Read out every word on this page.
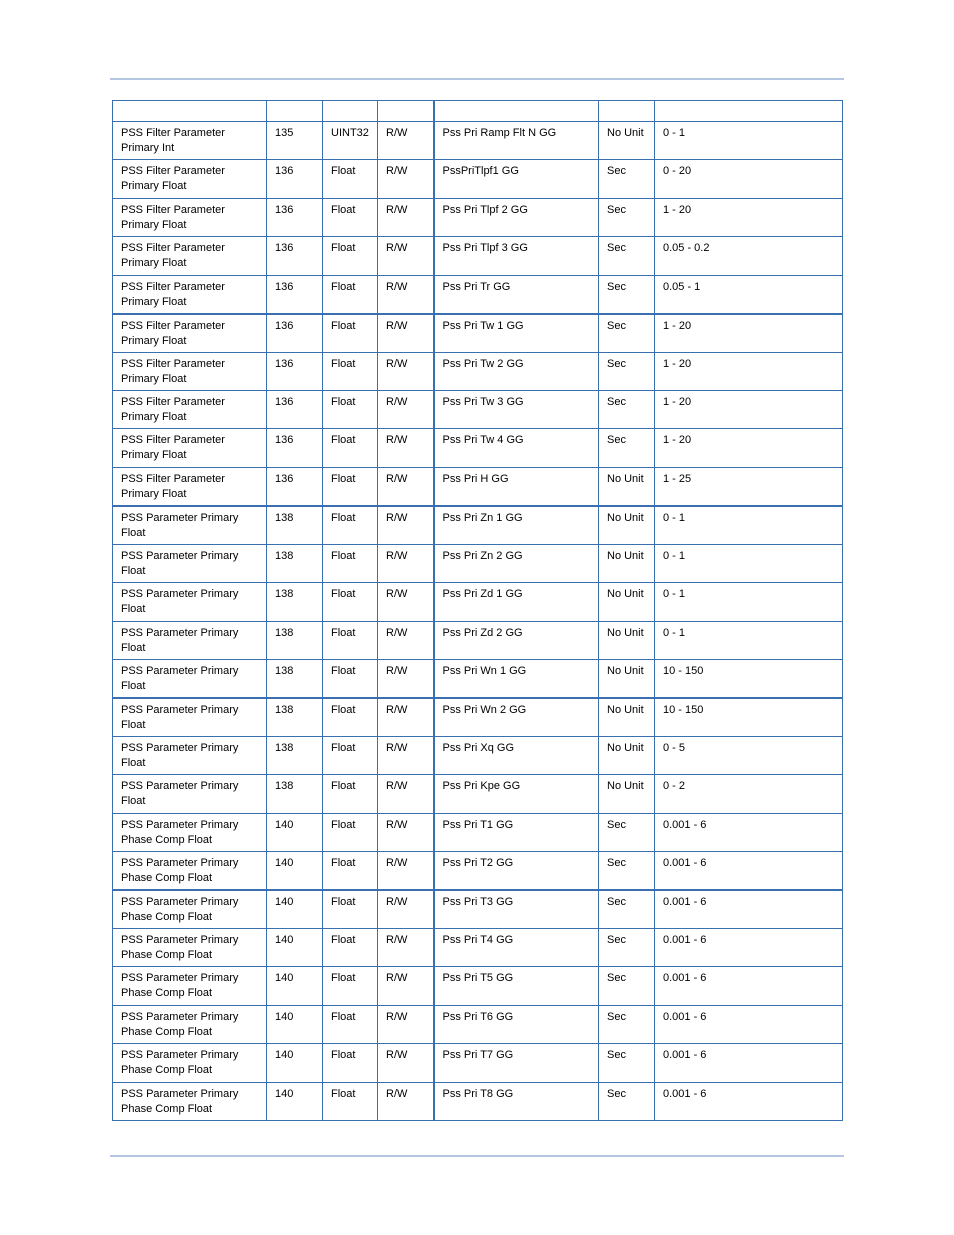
PSS Filter Parameter Primary Int	135	UINT32	R/W	Pss Pri Ramp Flt N GG	No Unit	0 - 1
PSS Filter Parameter Primary Float	136	Float	R/W	PssPriTlpf1 GG	Sec	0 - 20
PSS Filter Parameter Primary Float	136	Float	R/W	Pss Pri Tlpf 2 GG	Sec	1 - 20
PSS Filter Parameter Primary Float	136	Float	R/W	Pss Pri Tlpf 3 GG	Sec	0.05 - 0.2
PSS Filter Parameter Primary Float	136	Float	R/W	Pss Pri Tr GG	Sec	0.05 - 1
PSS Filter Parameter Primary Float	136	Float	R/W	Pss Pri Tw 1 GG	Sec	1 - 20
PSS Filter Parameter Primary Float	136	Float	R/W	Pss Pri Tw 2 GG	Sec	1 - 20
PSS Filter Parameter Primary Float	136	Float	R/W	Pss Pri Tw 3 GG	Sec	1 - 20
PSS Filter Parameter Primary Float	136	Float	R/W	Pss Pri Tw 4 GG	Sec	1 - 20
PSS Filter Parameter Primary Float	136	Float	R/W	Pss Pri H GG	No Unit	1 - 25
PSS Parameter Primary Float	138	Float	R/W	Pss Pri Zn 1 GG	No Unit	0 - 1
PSS Parameter Primary Float	138	Float	R/W	Pss Pri Zn 2 GG	No Unit	0 - 1
PSS Parameter Primary Float	138	Float	R/W	Pss Pri Zd 1 GG	No Unit	0 - 1
PSS Parameter Primary Float	138	Float	R/W	Pss Pri Zd 2 GG	No Unit	0 - 1
PSS Parameter Primary Float	138	Float	R/W	Pss Pri Wn 1 GG	No Unit	10 - 150
PSS Parameter Primary Float	138	Float	R/W	Pss Pri Wn 2 GG	No Unit	10 - 150
PSS Parameter Primary Float	138	Float	R/W	Pss Pri Xq GG	No Unit	0 - 5
PSS Parameter Primary Float	138	Float	R/W	Pss Pri Kpe GG	No Unit	0 - 2
PSS Parameter Primary Phase Comp Float	140	Float	R/W	Pss Pri T1 GG	Sec	0.001 - 6
PSS Parameter Primary Phase Comp Float	140	Float	R/W	Pss Pri T2 GG	Sec	0.001 - 6
PSS Parameter Primary Phase Comp Float	140	Float	R/W	Pss Pri T3 GG	Sec	0.001 - 6
PSS Parameter Primary Phase Comp Float	140	Float	R/W	Pss Pri T4 GG	Sec	0.001 - 6
PSS Parameter Primary Phase Comp Float	140	Float	R/W	Pss Pri T5 GG	Sec	0.001 - 6
PSS Parameter Primary Phase Comp Float	140	Float	R/W	Pss Pri T6 GG	Sec	0.001 - 6
PSS Parameter Primary Phase Comp Float	140	Float	R/W	Pss Pri T7 GG	Sec	0.001 - 6
PSS Parameter Primary Phase Comp Float	140	Float	R/W	Pss Pri T8 GG	Sec	0.001 - 6
